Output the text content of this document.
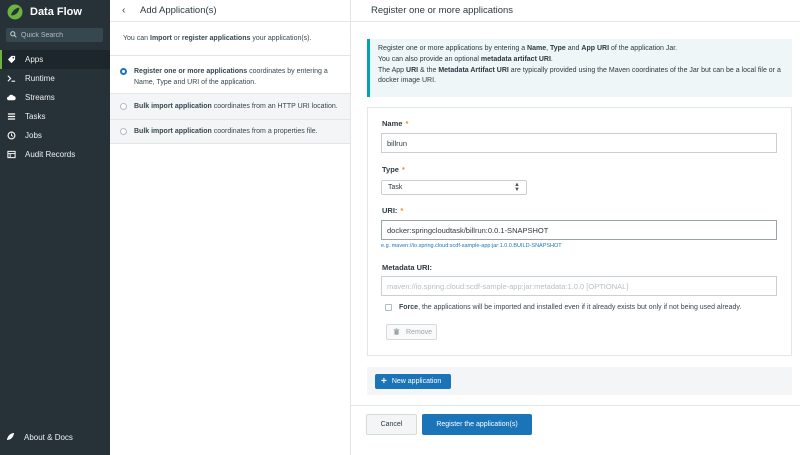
Data Flow
Quick Search
Apps
Runtime
Streams
Tasks
Jobs
Audit Records
About & Docs
‹	Add Application(s)
You can Import or register applications your application(s).
Register one or more applications coordinates by entering a
Name, Type and URI of the application.
Bulk import application coordinates from an HTTP URI location.
Bulk import application coordinates from a properties file.
Register one or more applications
Register one or more applications by entering a Name, Type and App URI of the application Jar.
You can also provide an optional metadata artifact URI.
The App URI & the Metadata Artifact URI are typically provided using the Maven coordinates of the Jar but can be a local file or a
docker image URI.
Name *
billrun
Type *
Task	▲
▼
URI: *
docker:springcloudtask/billrun:0.0.1-SNAPSHOT
e.g. maven://io.spring.cloud:scdf-sample-app:jar:1.0.0.BUILD-SNAPSHOT
Metadata URI:
maven://io.spring.cloud:scdf-sample-app:jar:metadata:1.0.0 [OPTIONAL]
Force, the applications will be imported and installed even if it already exists but only if not being used already.
Remove
+ New application
Cancel	Register the application(s)
